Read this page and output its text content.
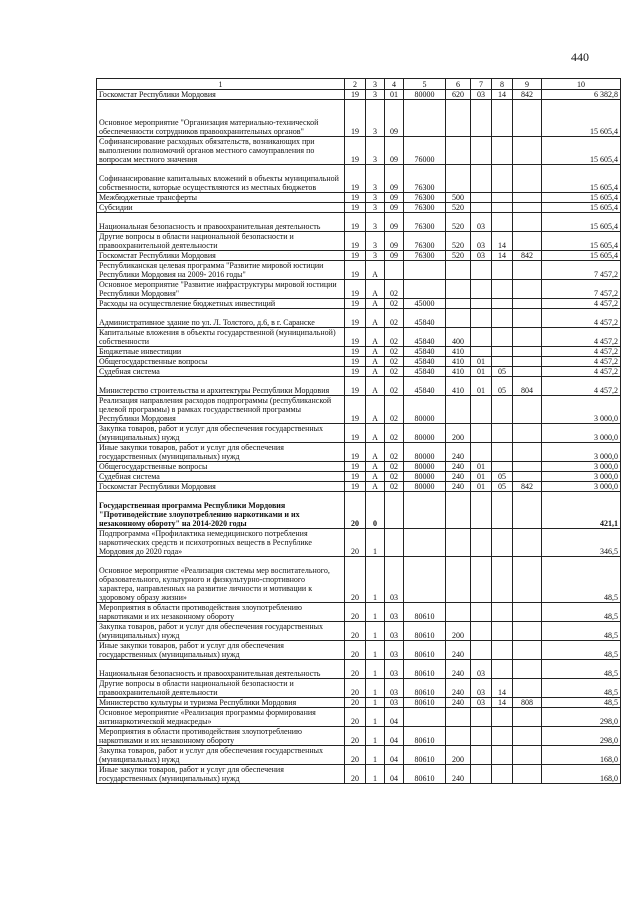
440
1	2	3	4	5	6	7	8	9	10
Госкомстат Республики Мордовия	19	3	01	80000	620	03	14	842	6 382,8
Основное мероприятие "Организация материально-технической обеспеченности сотрудников правоохранительных органов"	19	3	09						15 605,4
Софинансирование расходных обязательств, возникающих при выполнении полномочий органов местного самоуправления по вопросам местного значения	19	3	09	76000					15 605,4
Софинансирование капитальных вложений в объекты муниципальной собственности, которые осуществляются из местных бюджетов	19	3	09	76300					15 605,4
Межбюджетные трансферты	19	3	09	76300	500				15 605,4
Субсидии	19	3	09	76300	520				15 605,4
Национальная безопасность и правоохранительная деятельность	19	3	09	76300	520	03			15 605,4
Другие вопросы в области национальной безопасности и правоохранительной деятельности	19	3	09	76300	520	03	14		15 605,4
Госкомстат Республики Мордовия	19	3	09	76300	520	03	14	842	15 605,4
Республиканская целевая программа "Развитие мировой юстиции Республики Мордовия на 2009- 2016 годы"	19	А							7 457,2
Основное мероприятие "Развитие инфраструктуры мировой юстиции Республики Мордовия"	19	А	02						7 457,2
Расходы на осуществление бюджетных инвестиций	19	А	02	45000					4 457,2
Административное здание по ул. Л. Толстого, д.6, в г. Саранске	19	А	02	45840					4 457,2
Капитальные вложения в объекты государственной (муниципальной) собственности	19	А	02	45840	400				4 457,2
Бюджетные инвестиции	19	А	02	45840	410				4 457,2
Общегосударственные вопросы	19	А	02	45840	410	01			4 457,2
Судебная система	19	А	02	45840	410	01	05		4 457,2
Министерство строительства и архитектуры Республики Мордовия	19	А	02	45840	410	01	05	804	4 457,2
Реализация направления расходов подпрограммы (республиканской целевой программы) в рамках государственной программы Республики Мордовия	19	А	02	80000					3 000,0
Закупка товаров, работ и услуг для обеспечения государственных (муниципальных) нужд	19	А	02	80000	200				3 000,0
Иные закупки товаров, работ и услуг для обеспечения государственных (муниципальных) нужд	19	А	02	80000	240				3 000,0
Общегосударственные вопросы	19	А	02	80000	240	01			3 000,0
Судебная система	19	А	02	80000	240	01	05		3 000,0
Госкомстат Республики Мордовия	19	А	02	80000	240	01	05	842	3 000,0
Государственная программа Республики Мордовия "Противодействие злоупотреблению наркотиками и их незаконному обороту" на 2014-2020 годы	20	0							421,1
Подпрограмма «Профилактика немедицинского потребления наркотических средств и психотропных веществ в Республике Мордовия до 2020 года»	20	1							346,5
Основное мероприятие «Реализация системы мер воспитательного, образовательного, культурного и физкультурно-спортивного характера, направленных на развитие личности и мотивации к здоровому образу жизни»	20	1	03						48,5
Мероприятия в области противодействия злоупотреблению наркотиками и их незаконному обороту	20	1	03	80610					48,5
Закупка товаров, работ и услуг для обеспечения государственных (муниципальных) нужд	20	1	03	80610	200				48,5
Иные закупки товаров, работ и услуг для обеспечения государственных (муниципальных) нужд	20	1	03	80610	240				48,5
Национальная безопасность и правоохранительная деятельность	20	1	03	80610	240	03			48,5
Другие вопросы в области национальной безопасности и правоохранительной деятельности	20	1	03	80610	240	03	14		48,5
Министерство культуры и туризма Республики Мордовия	20	1	03	80610	240	03	14	808	48,5
Основное мероприятие «Реализация программы формирования антинаркотической медиасреды»	20	1	04						298,0
Мероприятия в области противодействия злоупотреблению наркотиками и их незаконному обороту	20	1	04	80610					298,0
Закупка товаров, работ и услуг для обеспечения государственных (муниципальных) нужд	20	1	04	80610	200				168,0
Иные закупки товаров, работ и услуг для обеспечения государственных (муниципальных) нужд	20	1	04	80610	240				168,0
